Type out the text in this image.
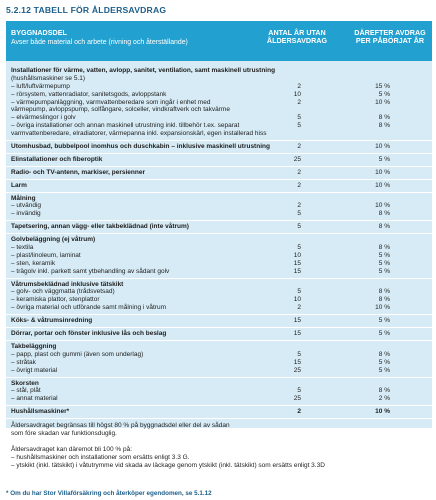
5.2.12 TABELL FÖR ÅLDERSAVDRAG
BYGGNADSDEL
Avser både material och arbete (rivning och återställande)
ANTAL ÅR UTAN
ÅLDERSAVDRAG
DÄREFTER AVDRAG
PER PÅBÖRJAT ÅR
Installationer för värme, vatten, avlopp, sanitet, ventilation, samt maskinell utrustning
(hushållsmaskiner se 5.1)
– luft/luftvärmepump	2	15 %
– rörsystem, vattenradiator, sanitetsgods, avloppstank	10	5 %
– värmepumpanläggning, varmvattenberedare som ingår i enhet med	2	10 %
värmepump, avloppspump, solfångare, solceller, vindkraftverk och takvärme
– elvärmeslingor i golv	5	8 %
– övriga installationer och annan maskinell utrustning inkl. tillbehör t.ex. separat	5	8 %
varmvattenberedare, elradiatorer, värmepanna inkl. expansionskärl, egen installerad hiss
Utomhusbad, bubbelpool inomhus och duschkabin – inklusive maskinell utrustning	2	10 %
Elinstallationer och fiberoptik	25	5 %
Radio- och TV-antenn, markiser, persienner	2	10 %
Larm	2	10 %
Målning
– utvändig	2	10 %
– invändig	5	8 %
Tapetsering, annan vägg- eller takbeklädnad (inte våtrum)	5	8 %
Golvbeläggning (ej våtrum)
– textila	5	8 %
– plast/linoleum, laminat	10	5 %
– sten, keramik	15	5 %
– trägolv inkl. parkett samt ytbehandling av sådant golv	15	5 %
Våtrumsbeklädnad inklusive tätskikt
– golv- och väggmatta (trådsvetsad)	5	8 %
– keramiska plattor, stenplattor	10	8 %
– övriga material och utförande samt målning i våtrum	2	10 %
Köks- & våtrumsinredning	15	5 %
Dörrar, portar och fönster inklusive lås och beslag	15	5 %
Takbeläggning
– papp, plast och gummi (även som underlag)	5	8 %
– stråtak	15	5 %
– övrigt material	25	5 %
Skorsten
– stål, plåt	5	8 %
– annat material	25	2 %
Hushållsmaskiner*	2	10 %
Åldersavdraget begränsas till högst 80 % på byggnadsdel eller del av sådan
som före skadan var funktionsduglig.
Åldersavdraget kan däremot bli 100 % på:
– hushållsmaskiner och installationer som ersätts enligt 3.3 G.
– ytskikt (inkl. tätskikt) i våtutrymme vid skada av läckage genom ytskikt (inkl. tätskikt) som ersätts enligt 3.3D
* Om du har Stor Villaförsäkring och återköper egendomen, se 5.1.12
